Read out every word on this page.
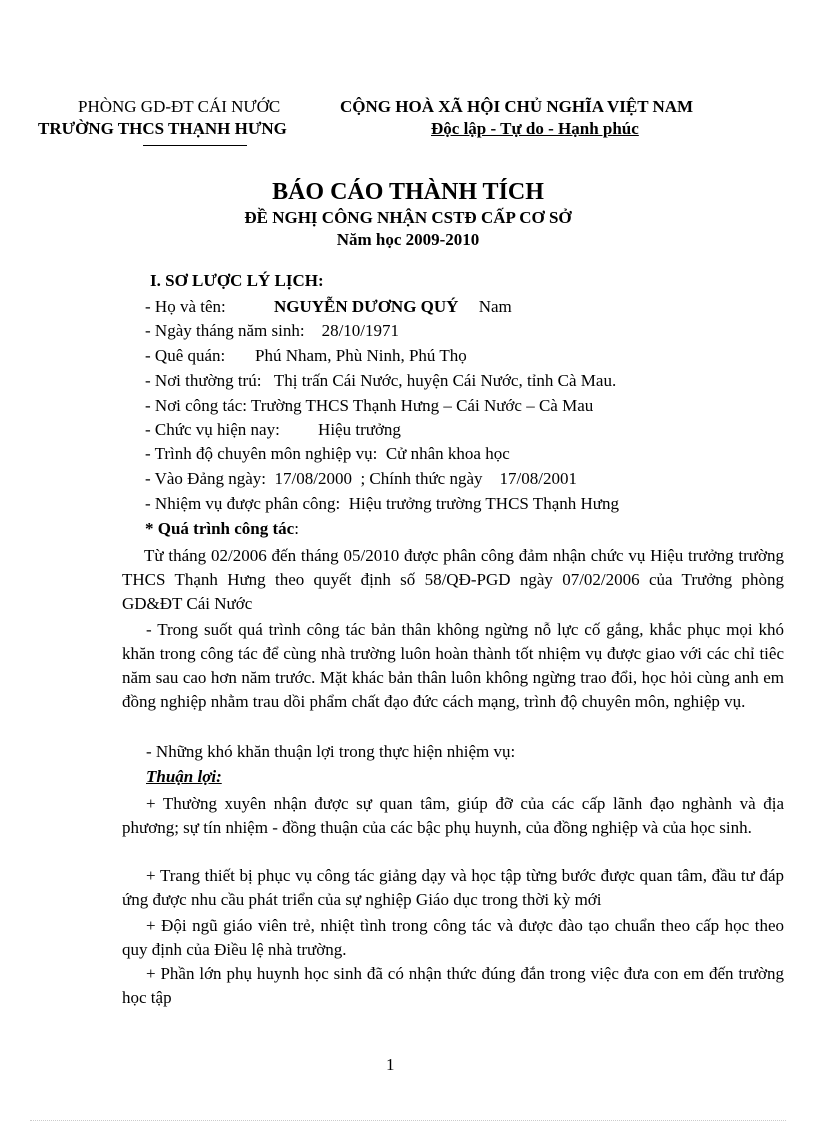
PHÒNG GD-ĐT CÁI NƯỚC
TRƯỜNG THCS THẠNH HƯNG
CỘNG HOÀ XÃ HỘI CHỦ NGHĨA VIỆT NAM
Độc lập - Tự do - Hạnh phúc
BÁO CÁO THÀNH TÍCH
ĐỀ NGHỊ CÔNG NHẬN CSTĐ CẤP CƠ SỞ
Năm học 2009-2010
I. SƠ LƯỢC LÝ LỊCH:
- Họ và tên:	NGUYỄN DƯƠNG QUÝ Nam
- Ngày tháng năm sinh:    28/10/1971
- Quê quán:       Phú Nham, Phù Ninh, Phú Thọ
- Nơi thường trú:   Thị trấn Cái Nước, huyện Cái Nước, tỉnh Cà Mau.
- Nơi công tác: Trường THCS Thạnh Hưng – Cái Nước – Cà Mau
- Chức vụ hiện nay:         Hiệu trưởng
- Trình độ chuyên môn nghiệp vụ:  Cử nhân khoa học
- Vào Đảng ngày:  17/08/2000  ; Chính thức ngày    17/08/2001
- Nhiệm vụ được phân công:  Hiệu trưởng trường THCS Thạnh Hưng
* Quá trình công tác:
Từ tháng 02/2006 đến tháng 05/2010 được phân công đảm nhận chức vụ Hiệu trưởng trường THCS Thạnh Hưng theo quyết định số 58/QĐ-PGD ngày 07/02/2006 của Trưởng phòng GD&ĐT Cái Nước
- Trong suốt quá trình công tác bản thân không ngừng nỗ lực cố gắng, khắc phục mọi khó khăn trong công tác để cùng nhà trường luôn hoàn thành tốt nhiệm vụ được giao với các chỉ tiêc năm sau cao hơn năm trước. Mặt khác bản thân luôn không ngừng trao đổi, học hỏi cùng anh em đồng nghiệp nhằm trau dồi phẩm chất đạo đức cách mạng, trình độ chuyên môn, nghiệp vụ.
- Những khó khăn thuận lợi trong thực hiện nhiệm vụ:
Thuận lợi:
+ Thường xuyên nhận được sự quan tâm, giúp đỡ của các cấp lãnh đạo nghành và địa phương; sự tín nhiệm - đồng thuận của các bậc phụ huynh, của đồng nghiệp và của học sinh.
+ Trang thiết bị phục vụ công tác giảng dạy và học tập từng bước được quan tâm, đầu tư đáp ứng được nhu cầu phát triển của sự nghiệp Giáo dục trong thời kỳ mới
+ Đội ngũ giáo viên trẻ, nhiệt tình trong công tác và được đào tạo chuẩn theo cấp học theo quy định của Điều lệ nhà trường.
+ Phần lớn phụ huynh học sinh đã có nhận thức đúng đắn trong việc đưa con em đến trường học tập
1
